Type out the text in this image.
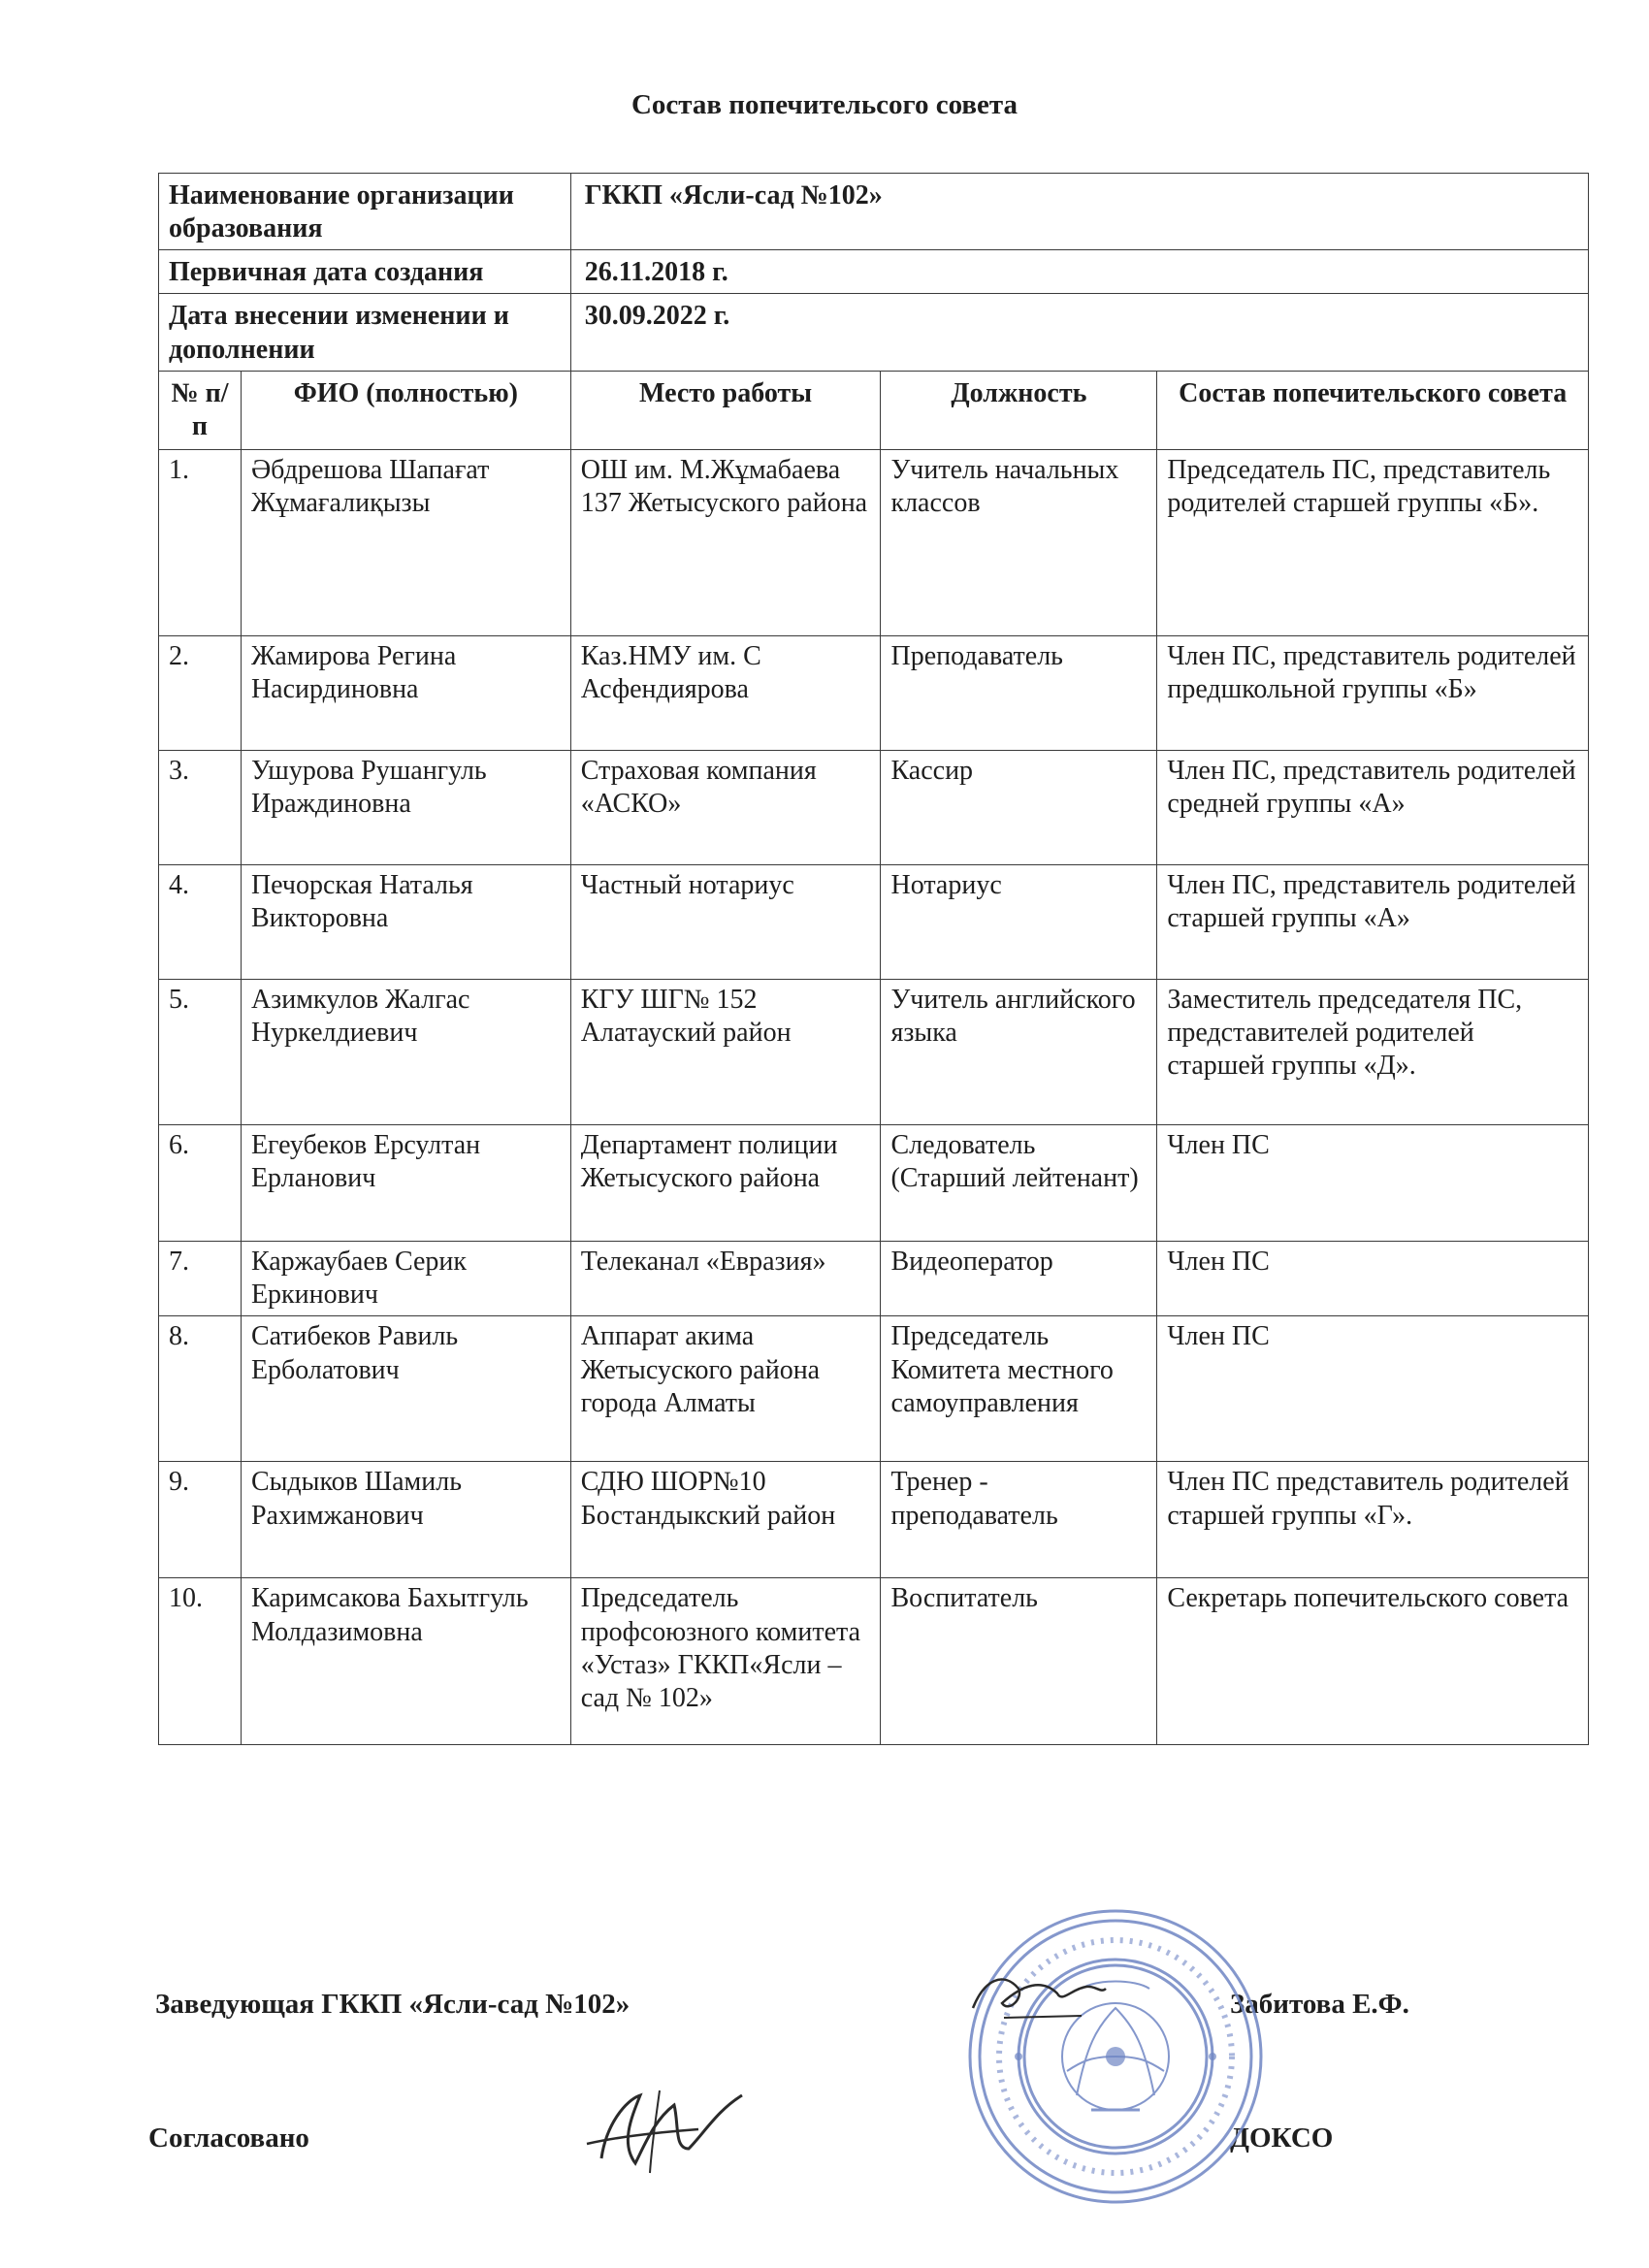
Состав попечительсого совета
Наименование организации образования		ГККП «Ясли-сад №102»		
Первичная дата создания		26.11.2018 г.		
Дата внесении изменении и дополнении		30.09.2022 г.		
№ п/п	ФИО (полностью)	Место работы	Должность	Состав попечительского совета
1.	Әбдрешова Шапағат Жұмағалиқызы	ОШ им. М.Жұмабаева 137 Жетысуского района	Учитель начальных классов	Председатель ПС, представитель родителей старшей группы «Б».
2.	Жамирова Регина Насирдиновна	Каз.НМУ им. С Асфендиярова	Преподаватель	Член ПС, представитель родителей предшкольной группы «Б»
3.	Ушурова Рушангуль Ираждиновна	Страховая компания «АСКО»	Кассир	Член ПС, представитель родителей средней группы «А»
4.	Печорская Наталья Викторовна	Частный нотариус	Нотариус	Член ПС, представитель родителей старшей группы «А»
5.	Азимкулов Жалгас Нуркелдиевич	КГУ ШГ№ 152 Алатауский район	Учитель английского языка	Заместитель председателя ПС, представителей родителей старшей группы «Д».
6.	Егеубеков Ерсултан Ерланович	Департамент полиции Жетысуского района	Следователь (Старший лейтенант)	Член ПС
7.	Каржаубаев Серик Еркинович	Телеканал «Евразия»	Видеоператор	Член ПС
8.	Сатибеков Равиль Ерболатович	Аппарат акима Жетысуского района города Алматы	Председатель Комитета местного самоуправления	Член ПС
9.	Сыдыков Шамиль Рахимжанович	СДЮ ШОР№10 Бостандыкский район	Тренер - преподаватель	Член ПС представитель родителей старшей группы «Г».
10.	Каримсакова Бахытгуль Молдазимовна	Председатель профсоюзного комитета «Устаз» ГККП«Ясли – сад № 102»	Воспитатель	Секретарь попечительского совета
Заведующая ГККП «Ясли-сад №102»	Забитова Е.Ф.
Согласовано	ДОКСО
